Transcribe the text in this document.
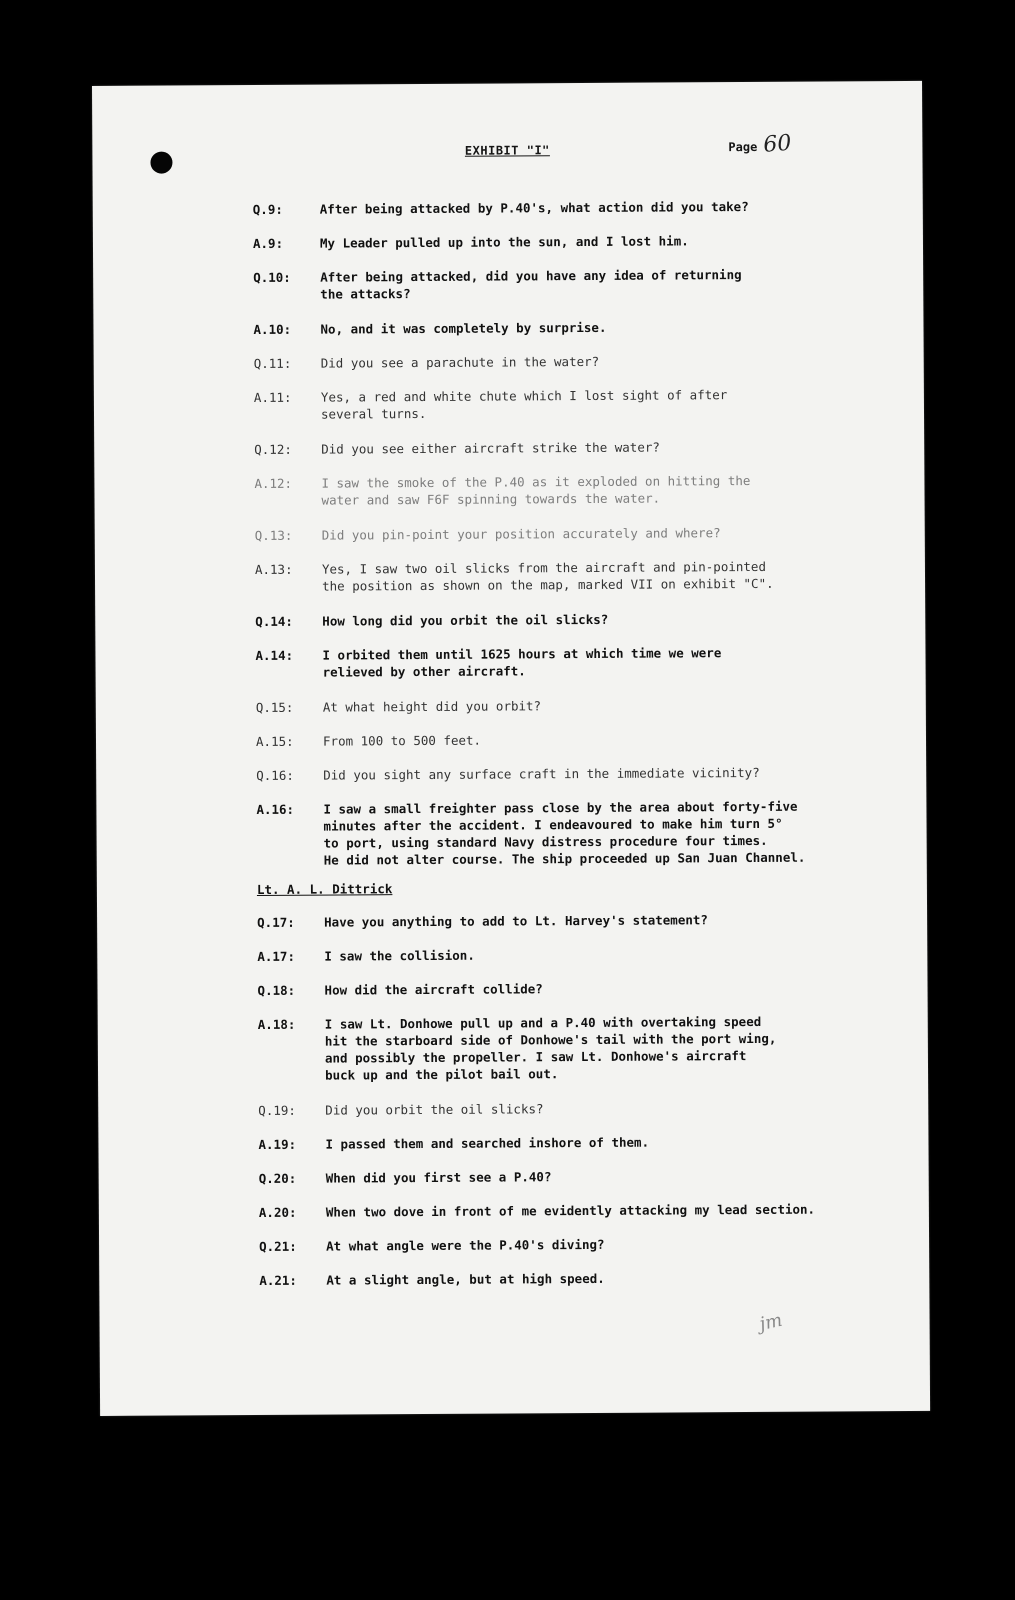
EXHIBIT "I"	Page 60
Q.9:	After being attacked by P.40's, what action did you take?
A.9:	My Leader pulled up into the sun, and I lost him.
Q.10:	After being attacked, did you have any idea of returning
the attacks?
A.10:	No, and it was completely by surprise.
Q.11:	Did you see a parachute in the water?
A.11:	Yes, a red and white chute which I lost sight of after
several turns.
Q.12:	Did you see either aircraft strike the water?
A.12:	I saw the smoke of the P.40 as it exploded on hitting the
water and saw F6F spinning towards the water.
Q.13:	Did you pin-point your position accurately and where?
A.13:	Yes, I saw two oil slicks from the aircraft and pin-pointed
the position as shown on the map, marked VII on exhibit "C".
Q.14:	How long did you orbit the oil slicks?
A.14:	I orbited them until 1625 hours at which time we were
relieved by other aircraft.
Q.15:	At what height did you orbit?
A.15:	From 100 to 500 feet.
Q.16:	Did you sight any surface craft in the immediate vicinity?
A.16:	I saw a small freighter pass close by the area about forty-five
minutes after the accident. I endeavoured to make him turn 5°
to port, using standard Navy distress procedure four times.
He did not alter course. The ship proceeded up San Juan Channel.
Lt. A. L. Dittrick
Q.17:	Have you anything to add to Lt. Harvey's statement?
A.17:	I saw the collision.
Q.18:	How did the aircraft collide?
A.18:	I saw Lt. Donhowe pull up and a P.40 with overtaking speed
hit the starboard side of Donhowe's tail with the port wing,
and possibly the propeller. I saw Lt. Donhowe's aircraft
buck up and the pilot bail out.
Q.19:	Did you orbit the oil slicks?
A.19:	I passed them and searched inshore of them.
Q.20:	When did you first see a P.40?
A.20:	When two dove in front of me evidently attacking my lead section.
Q.21:	At what angle were the P.40's diving?
A.21:	At a slight angle, but at high speed.
jm
